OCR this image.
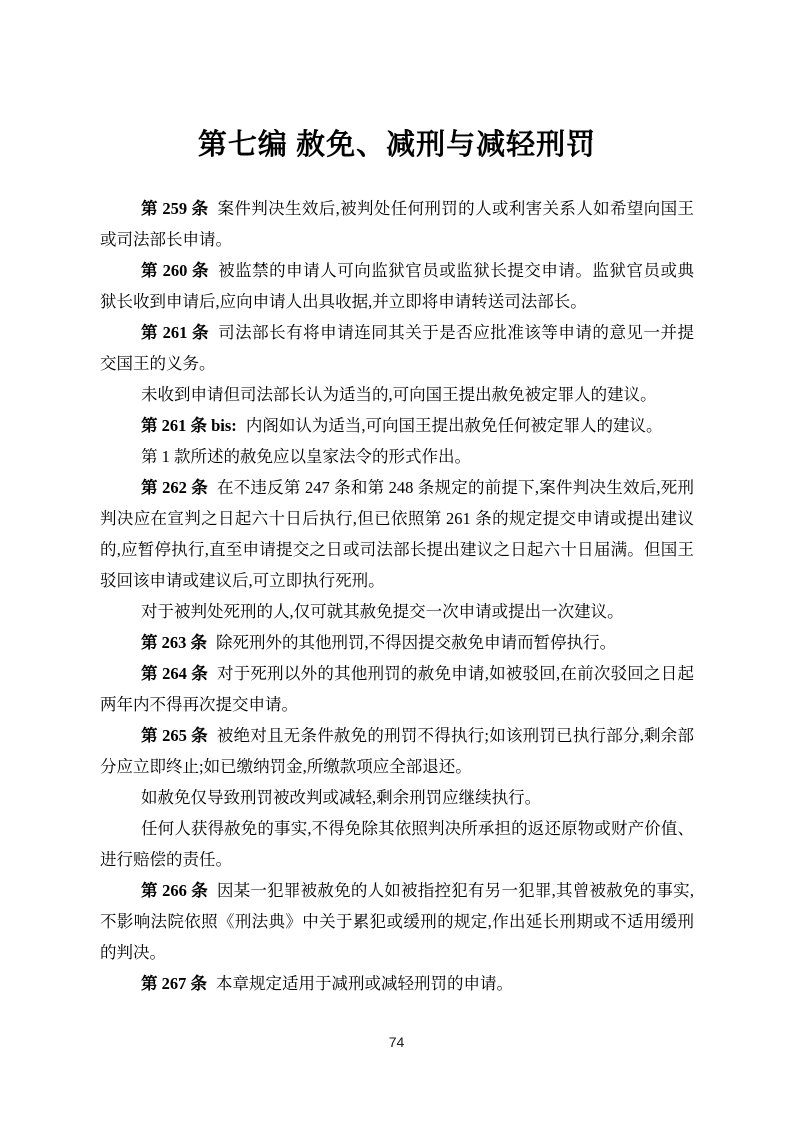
第七编 赦免、减刑与减轻刑罚

第 259 条 案件判决生效后,被判处任何刑罚的人或利害关系人如希望向国王或司法部长申请。

第 260 条 被监禁的申请人可向监狱官员或监狱长提交申请。监狱官员或典狱长收到申请后,应向申请人出具收据,并立即将申请转送司法部长。

第 261 条 司法部长有将申请连同其关于是否应批准该等申请的意见一并提交国王的义务。

未收到申请但司法部长认为适当的,可向国王提出赦免被定罪人的建议。

第 261 条 bis: 内阁如认为适当,可向国王提出赦免任何被定罪人的建议。

第 1 款所述的赦免应以皇家法令的形式作出。

第 262 条 在不违反第 247 条和第 248 条规定的前提下,案件判决生效后,死刑判决应在宣判之日起六十日后执行,但已依照第 261 条的规定提交申请或提出建议的,应暂停执行,直至申请提交之日或司法部长提出建议之日起六十日届满。但国王驳回该申请或建议后,可立即执行死刑。

对于被判处死刑的人,仅可就其赦免提交一次申请或提出一次建议。

第 263 条 除死刑外的其他刑罚,不得因提交赦免申请而暂停执行。

第 264 条 对于死刑以外的其他刑罚的赦免申请,如被驳回,在前次驳回之日起两年内不得再次提交申请。

第 265 条 被绝对且无条件赦免的刑罚不得执行;如该刑罚已执行部分,剩余部分应立即终止;如已缴纳罚金,所缴款项应全部退还。

如赦免仅导致刑罚被改判或减轻,剩余刑罚应继续执行。

任何人获得赦免的事实,不得免除其依照判决所承担的返还原物或财产价值、进行赔偿的责任。

第 266 条 因某一犯罪被赦免的人如被指控犯有另一犯罪,其曾被赦免的事实,不影响法院依照《刑法典》中关于累犯或缓刑的规定,作出延长刑期或不适用缓刑的判决。

第 267 条 本章规定适用于减刑或减轻刑罚的申请。

74
